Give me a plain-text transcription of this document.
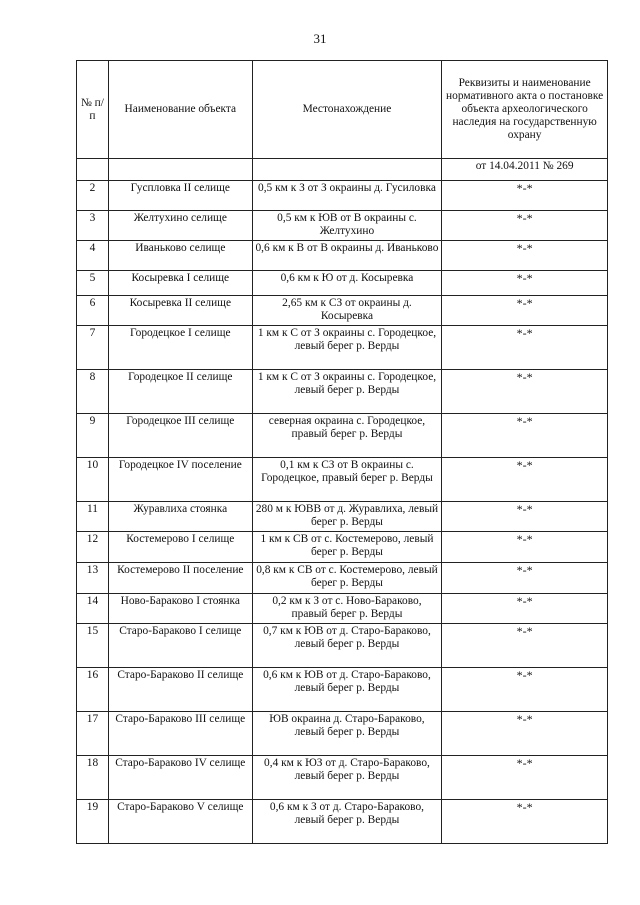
31
№ п/п	Наименование объекта	Местонахождение	Реквизиты и наименование нормативного акта о постановке объекта археологического наследия на государственную охрану
			от 14.04.2011 № 269
2	Гуспловка II селище	0,5 км к З от З окраины д. Гусиловка	*-*
3	Желтухино селище	0,5 км к ЮВ от В окраины с. Желтухино	*-*
4	Иваньково селище	0,6 км к В от В окраины д. Иваньково	*-*
5	Косыревка I селище	0,6 км к Ю от д. Косыревка	*-*
6	Косыревка II селище	2,65 км к СЗ от окраины д. Косыревка	*-*
7	Городецкое I селище	1 км к С от З окраины с. Городецкое, левый берег р. Верды	*-*
8	Городецкое II селище	1 км к С от З окраины с. Городецкое, левый берег р. Верды	*-*
9	Городецкое III селище	северная окраина с. Городецкое, правый берег р. Верды	*-*
10	Городецкое IV поселение	0,1 км к СЗ от В окраины с. Городецкое, правый берег р. Верды	*-*
11	Журавлиха стоянка	280 м к ЮВВ от д. Журавлиха, левый берег р. Верды	*-*
12	Костемерово I селище	1 км к СВ от с. Костемерово, левый берег р. Верды	*-*
13	Костемерово II поселение	0,8 км к СВ от с. Костемерово, левый берег р. Верды	*-*
14	Ново-Бараково I стоянка	0,2 км к З от с. Ново-Бараково, правый берег р. Верды	*-*
15	Старо-Бараково I селище	0,7 км к ЮВ от д. Старо-Бараково, левый берег р. Верды	*-*
16	Старо-Бараково II селище	0,6 км к ЮВ от д. Старо-Бараково, левый берег р. Верды	*-*
17	Старо-Бараково III селище	ЮВ окраина д. Старо-Бараково, левый берег р. Верды	*-*
18	Старо-Бараково IV селище	0,4 км к ЮЗ от д. Старо-Бараково, левый берег р. Верды	*-*
19	Старо-Бараково V селище	0,6 км к З от д. Старо-Бараково, левый берег р. Верды	*-*
